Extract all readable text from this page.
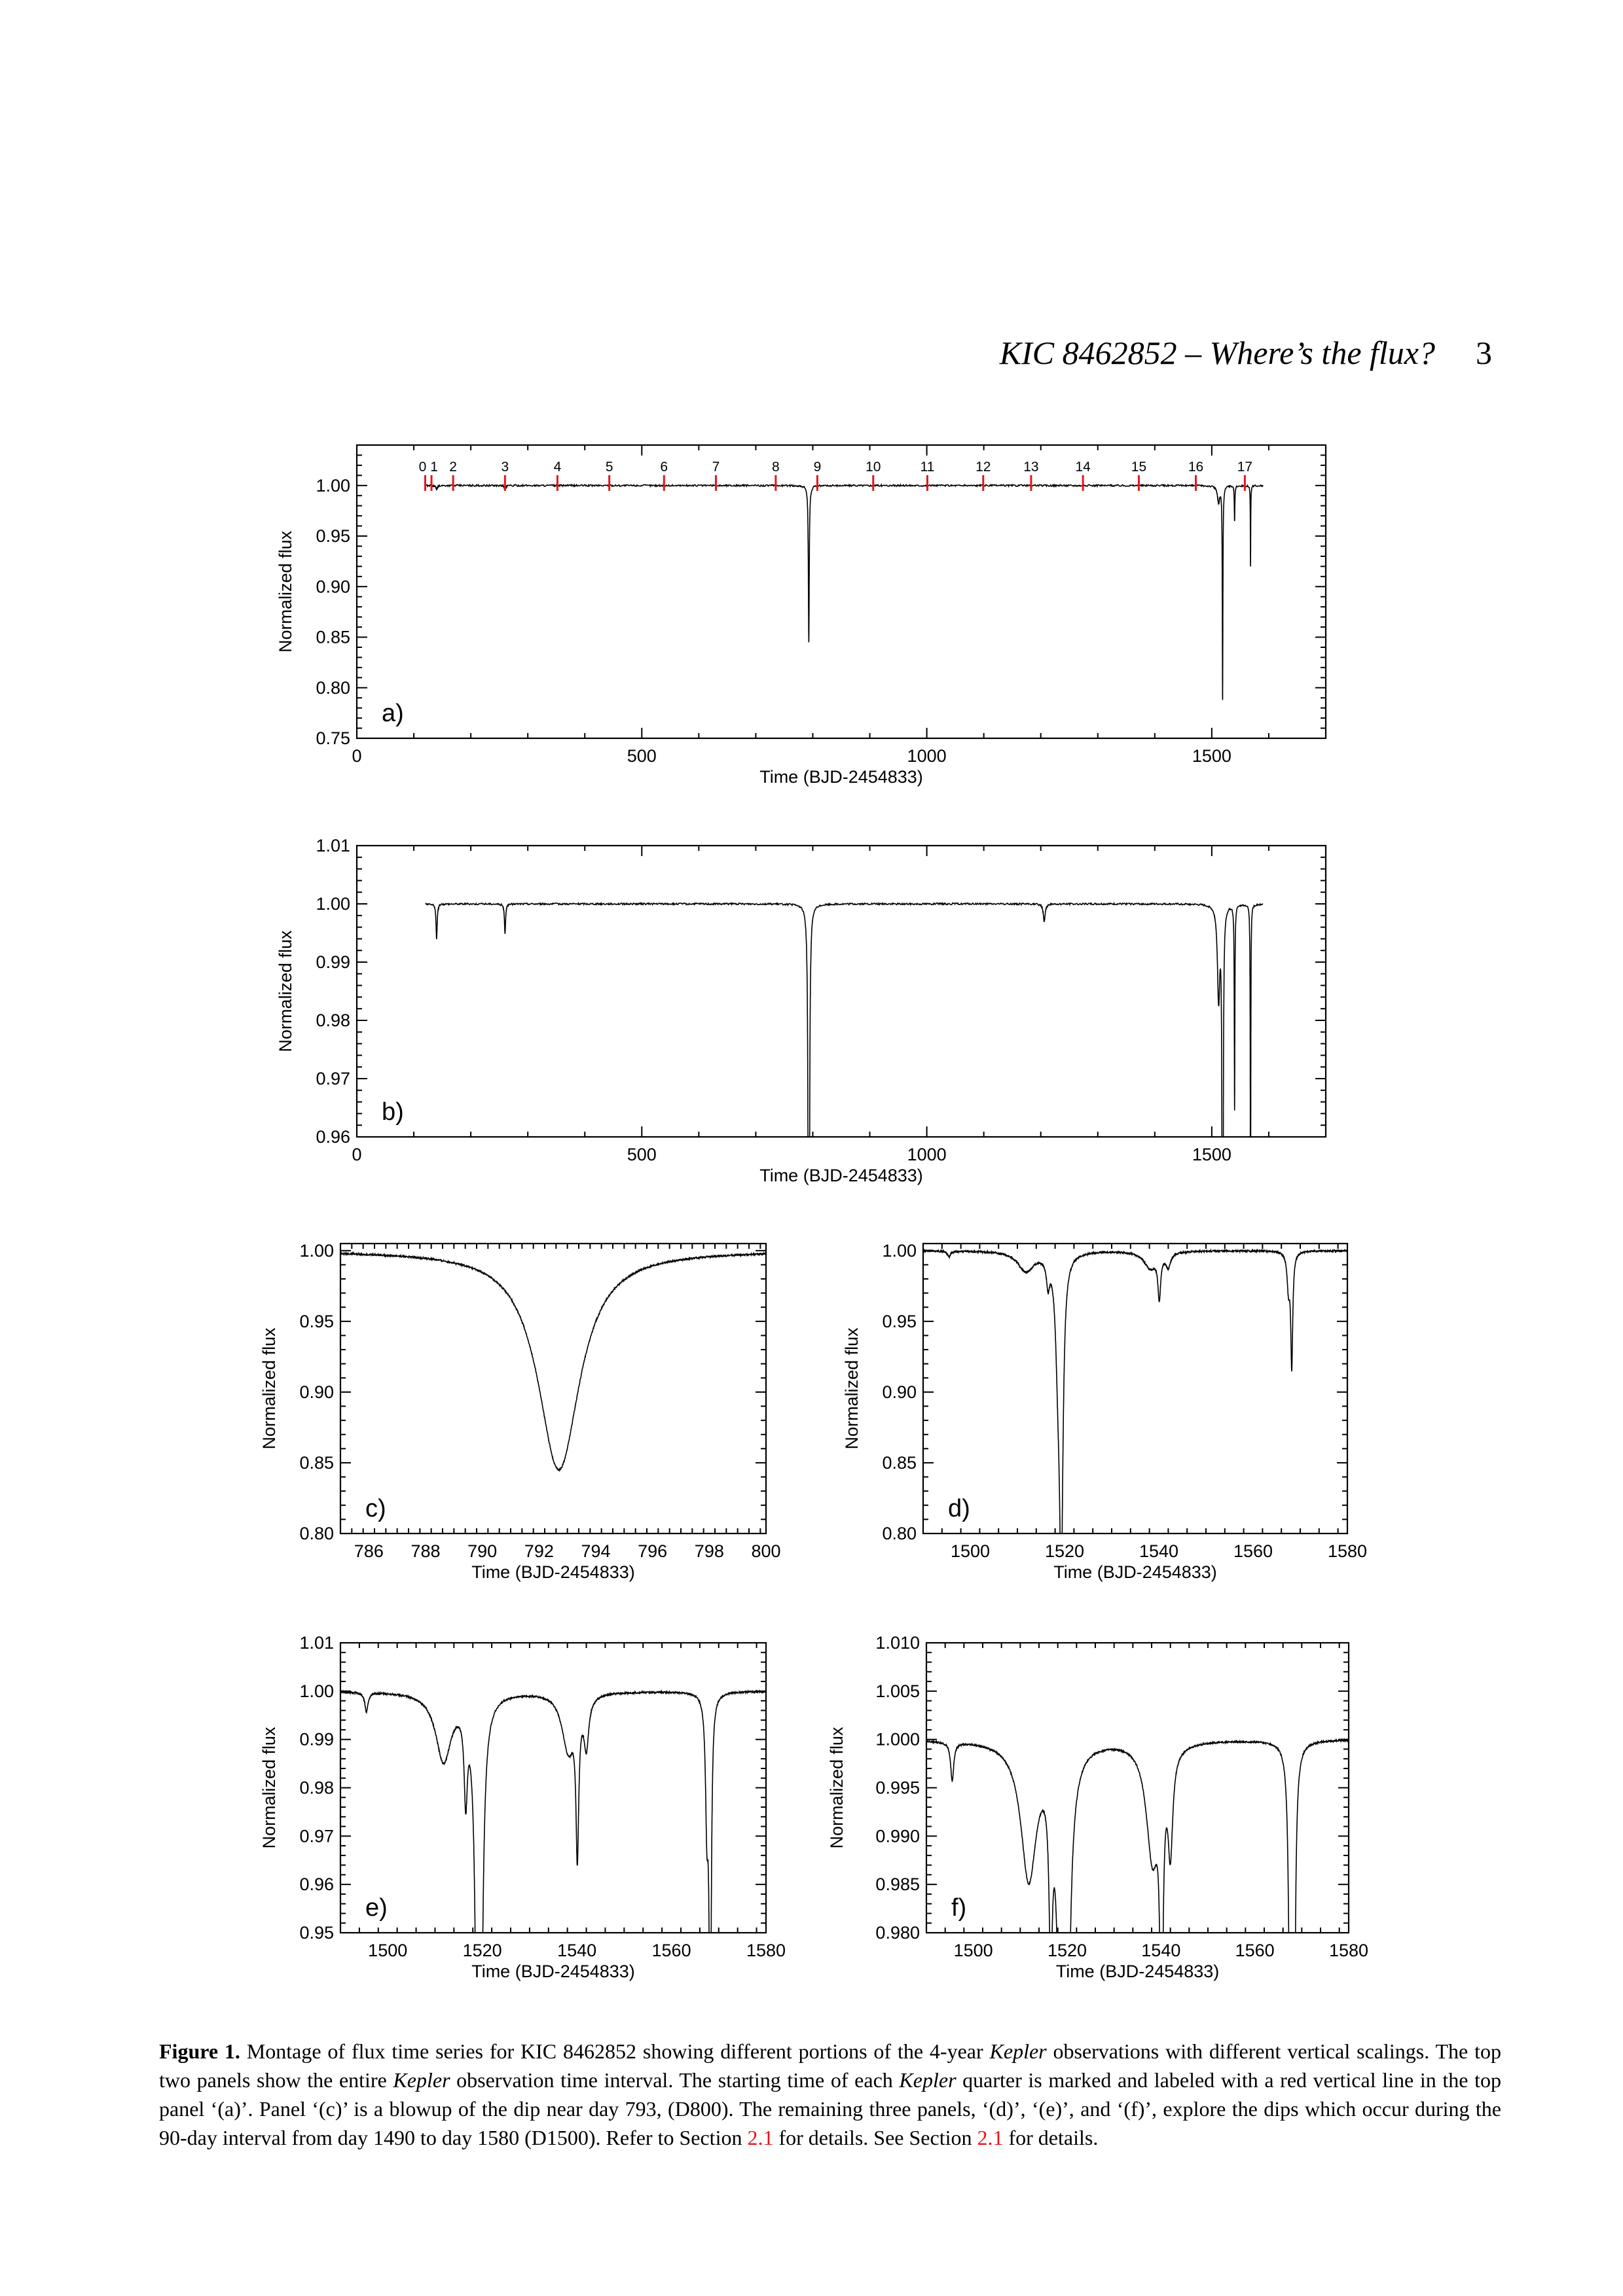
KIC 8462852 – Where’s the flux? 3
0	500	1000	1500
0.75
0.80
0.85
0.90
0.95
1.00
Time (BJD-2454833)
Normalized flux
a)
0 1 2	3	4	5	6	7	8 9	10	11	12 13	14	15	16 17
0	500	1000	1500
0.96
0.97
0.98
0.99
1.00
1.01
Time (BJD-2454833)
Normalized flux
b)
786 788 790 792 794 796 798 800
0.80
0.85
0.90
0.95
1.00
Time (BJD-2454833)
Normalized flux
c)
1500	1520	1540	1560	1580
0.80
0.85
0.90
0.95
1.00
Time (BJD-2454833)
Normalized flux
d)
1500	1520	1540	1560	1580
0.95
0.96
0.97
0.98
0.99
1.00
1.01
Time (BJD-2454833)
Normalized flux
e)
1500	1520	1540	1560	1580
0.980
0.985
0.990
0.995
1.000
1.005
1.010
Time (BJD-2454833)
Normalized flux
f)
Figure 1. Montage of flux time series for KIC 8462852 showing different portions of the 4-year Kepler observations with different vertical scalings. The top two panels show the entire Kepler observation time interval. The starting time of each Kepler quarter is marked and labeled with a red vertical line in the top panel ‘(a)’. Panel ‘(c)’ is a blowup of the dip near day 793, (D800). The remaining three panels, ‘(d)’, ‘(e)’, and ‘(f)’, explore the dips which occur during the 90-day interval from day 1490 to day 1580 (D1500). Refer to Section 2.1 for details. See Section 2.1 for details.
